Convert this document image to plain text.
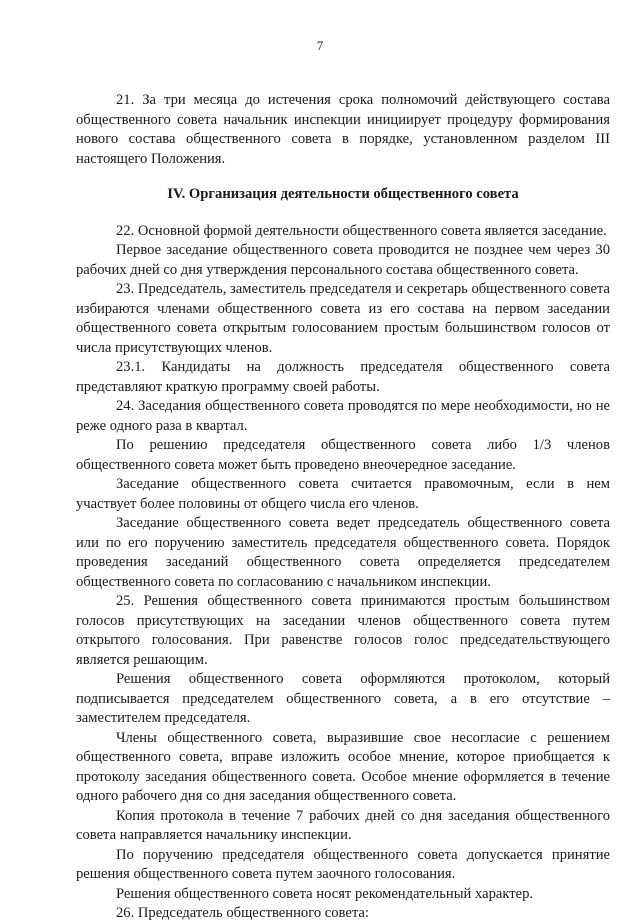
7

21. За три месяца до истечения срока полномочий действующего состава общественного совета начальник инспекции инициирует процедуру формирования нового состава общественного совета в порядке, установленном разделом III настоящего Положения.

IV. Организация деятельности общественного совета

22. Основной формой деятельности общественного совета является заседание.

Первое заседание общественного совета проводится не позднее чем через 30 рабочих дней со дня утверждения персонального состава общественного совета.

23. Председатель, заместитель председателя и секретарь общественного совета избираются членами общественного совета из его состава на первом заседании общественного совета открытым голосованием простым большинством голосов от числа присутствующих членов.

23.1. Кандидаты на должность председателя общественного совета представляют краткую программу своей работы.

24. Заседания общественного совета проводятся по мере необходимости, но не реже одного раза в квартал.

По решению председателя общественного совета либо 1/3 членов общественного совета может быть проведено внеочередное заседание.

Заседание общественного совета считается правомочным, если в нем участвует более половины от общего числа его членов.

Заседание общественного совета ведет председатель общественного совета или по его поручению заместитель председателя общественного совета. Порядок проведения заседаний общественного совета определяется председателем общественного совета по согласованию с начальником инспекции.

25. Решения общественного совета принимаются простым большинством голосов присутствующих на заседании членов общественного совета путем открытого голосования. При равенстве голосов голос председательствующего является решающим.

Решения общественного совета оформляются протоколом, который подписывается председателем общественного совета, а в его отсутствие – заместителем председателя.

Члены общественного совета, выразившие свое несогласие с решением общественного совета, вправе изложить особое мнение, которое приобщается к протоколу заседания общественного совета. Особое мнение оформляется в течение одного рабочего дня со дня заседания общественного совета.

Копия протокола в течение 7 рабочих дней со дня заседания общественного совета направляется начальнику инспекции.

По поручению председателя общественного совета допускается принятие решения общественного совета путем заочного голосования.

Решения общественного совета носят рекомендательный характер.

26. Председатель общественного совета:
